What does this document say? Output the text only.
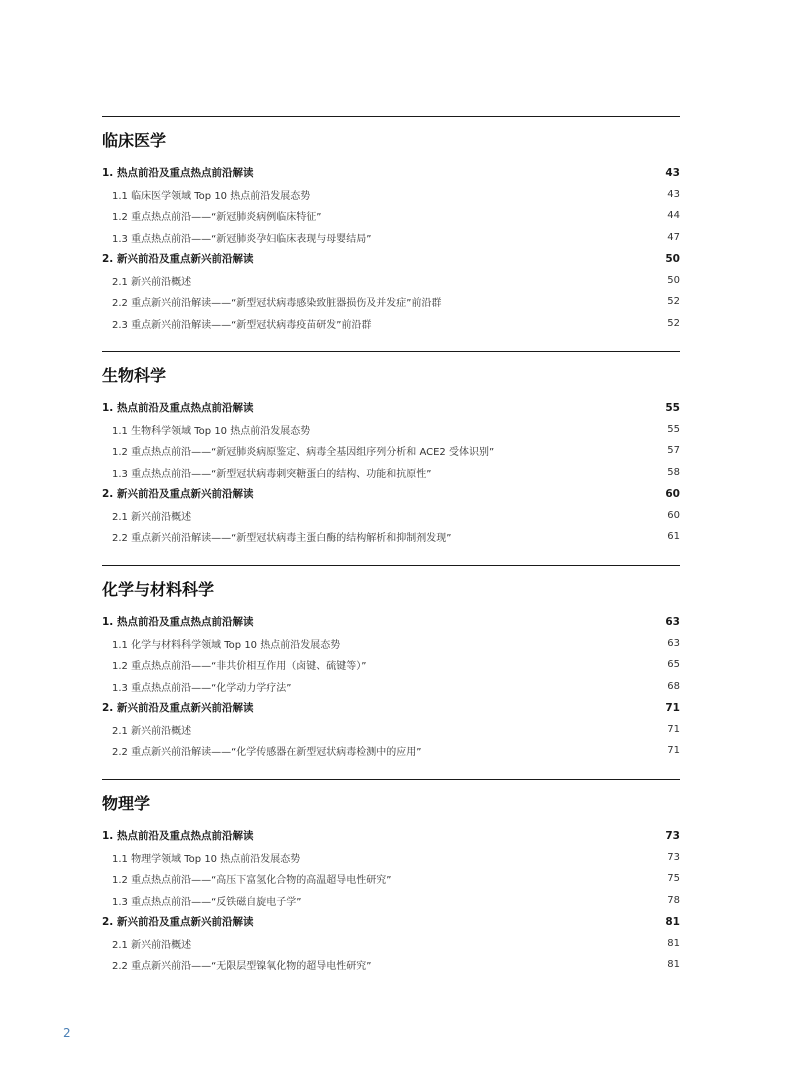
临床医学
1. 热点前沿及重点热点前沿解读	43
1.1 临床医学领域 Top 10 热点前沿发展态势	43
1.2 重点热点前沿——“新冠肺炎病例临床特征”	44
1.3 重点热点前沿——“新冠肺炎孕妇临床表现与母婴结局”	47
2. 新兴前沿及重点新兴前沿解读	50
2.1 新兴前沿概述	50
2.2 重点新兴前沿解读——“新型冠状病毒感染致脏器损伤及并发症”前沿群	52
2.3 重点新兴前沿解读——“新型冠状病毒疫苗研发”前沿群	52
生物科学
1. 热点前沿及重点热点前沿解读	55
1.1 生物科学领域 Top 10 热点前沿发展态势	55
1.2 重点热点前沿——“新冠肺炎病原鉴定、病毒全基因组序列分析和 ACE2 受体识别”	57
1.3 重点热点前沿——“新型冠状病毒刺突糖蛋白的结构、功能和抗原性”	58
2. 新兴前沿及重点新兴前沿解读	60
2.1 新兴前沿概述	60
2.2 重点新兴前沿解读——“新型冠状病毒主蛋白酶的结构解析和抑制剂发现”	61
化学与材料科学
1. 热点前沿及重点热点前沿解读	63
1.1 化学与材料科学领域 Top 10 热点前沿发展态势	63
1.2 重点热点前沿——“非共价相互作用（卤键、硫键等）”	65
1.3 重点热点前沿——“化学动力学疗法”	68
2. 新兴前沿及重点新兴前沿解读	71
2.1 新兴前沿概述	71
2.2 重点新兴前沿解读——“化学传感器在新型冠状病毒检测中的应用”	71
物理学
1. 热点前沿及重点热点前沿解读	73
1.1 物理学领域 Top 10 热点前沿发展态势	73
1.2 重点热点前沿——“高压下富氢化合物的高温超导电性研究”	75
1.3 重点热点前沿——“反铁磁自旋电子学”	78
2. 新兴前沿及重点新兴前沿解读	81
2.1 新兴前沿概述	81
2.2 重点新兴前沿——“无限层型镍氧化物的超导电性研究”	81
2
